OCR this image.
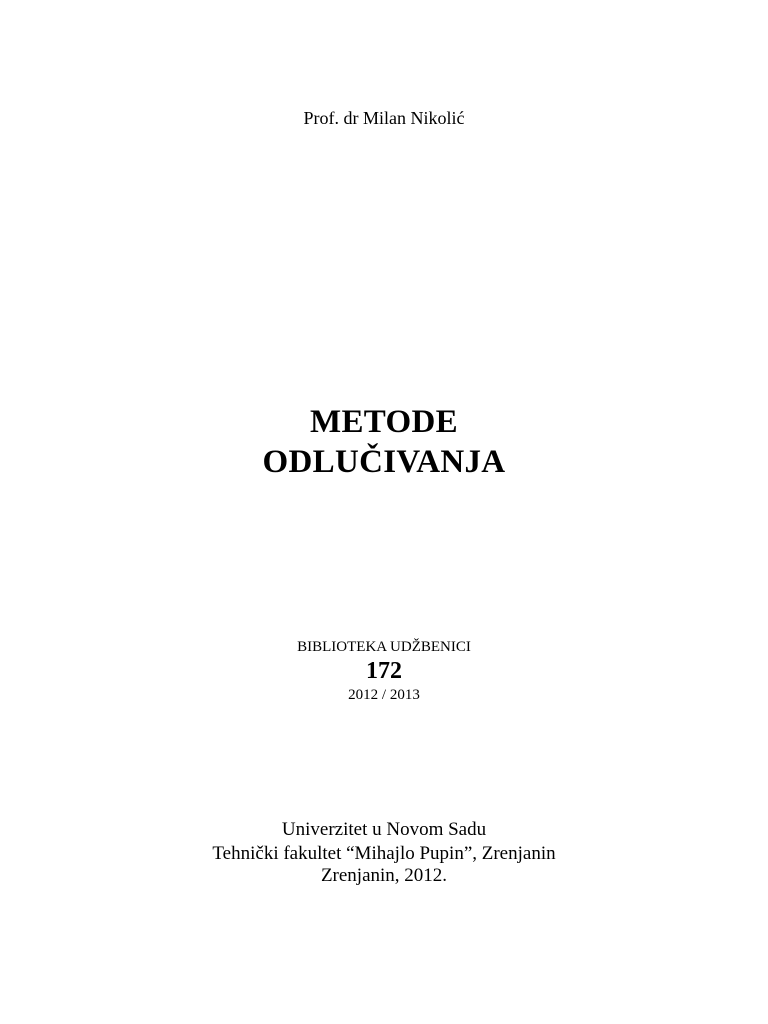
Prof. dr Milan Nikolić
METODE
ODLUČIVANJA
BIBLIOTEKA UDŽBENICI
172
2012 / 2013
Univerzitet u Novom Sadu
Tehnički fakultet “Mihajlo Pupin”, Zrenjanin
Zrenjanin, 2012.
